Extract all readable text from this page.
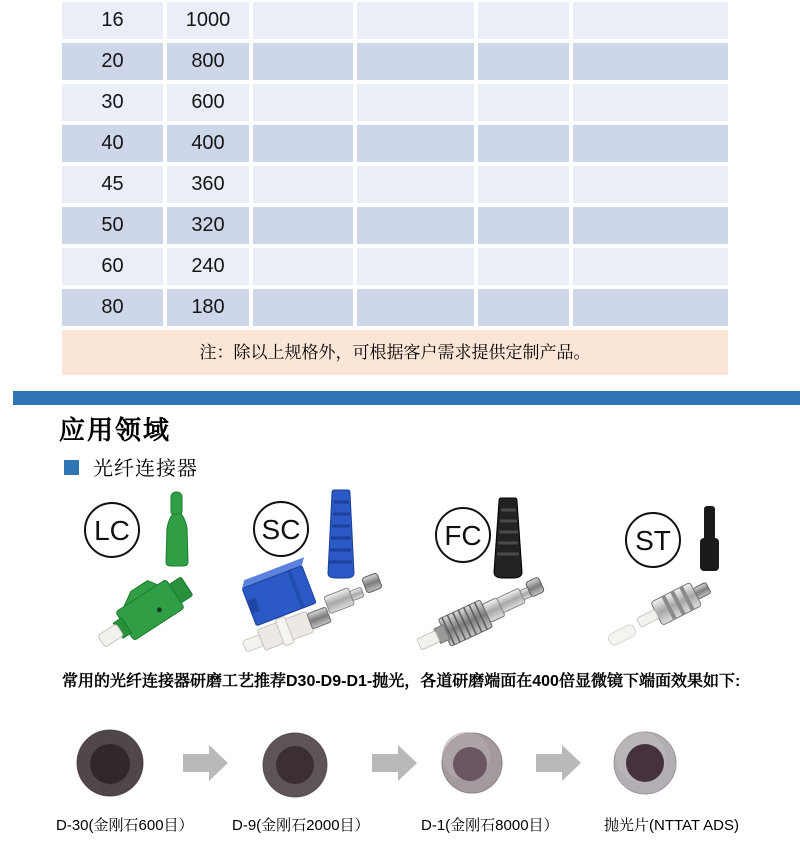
16	1000
20	800
30	600
40	400
45	360
50	320
60	240
80	180
注：除以上规格外，可根据客户需求提供定制产品。
应用领域
光纤连接器
LC	SC	FC	ST
常用的光纤连接器研磨工艺推荐D30-D9-D1-抛光，各道研磨端面在400倍显微镜下端面效果如下:
D-30(金刚石600目）	D-9(金刚石2000目）	D-1(金刚石8000目）	抛光片(NTTAT ADS)
